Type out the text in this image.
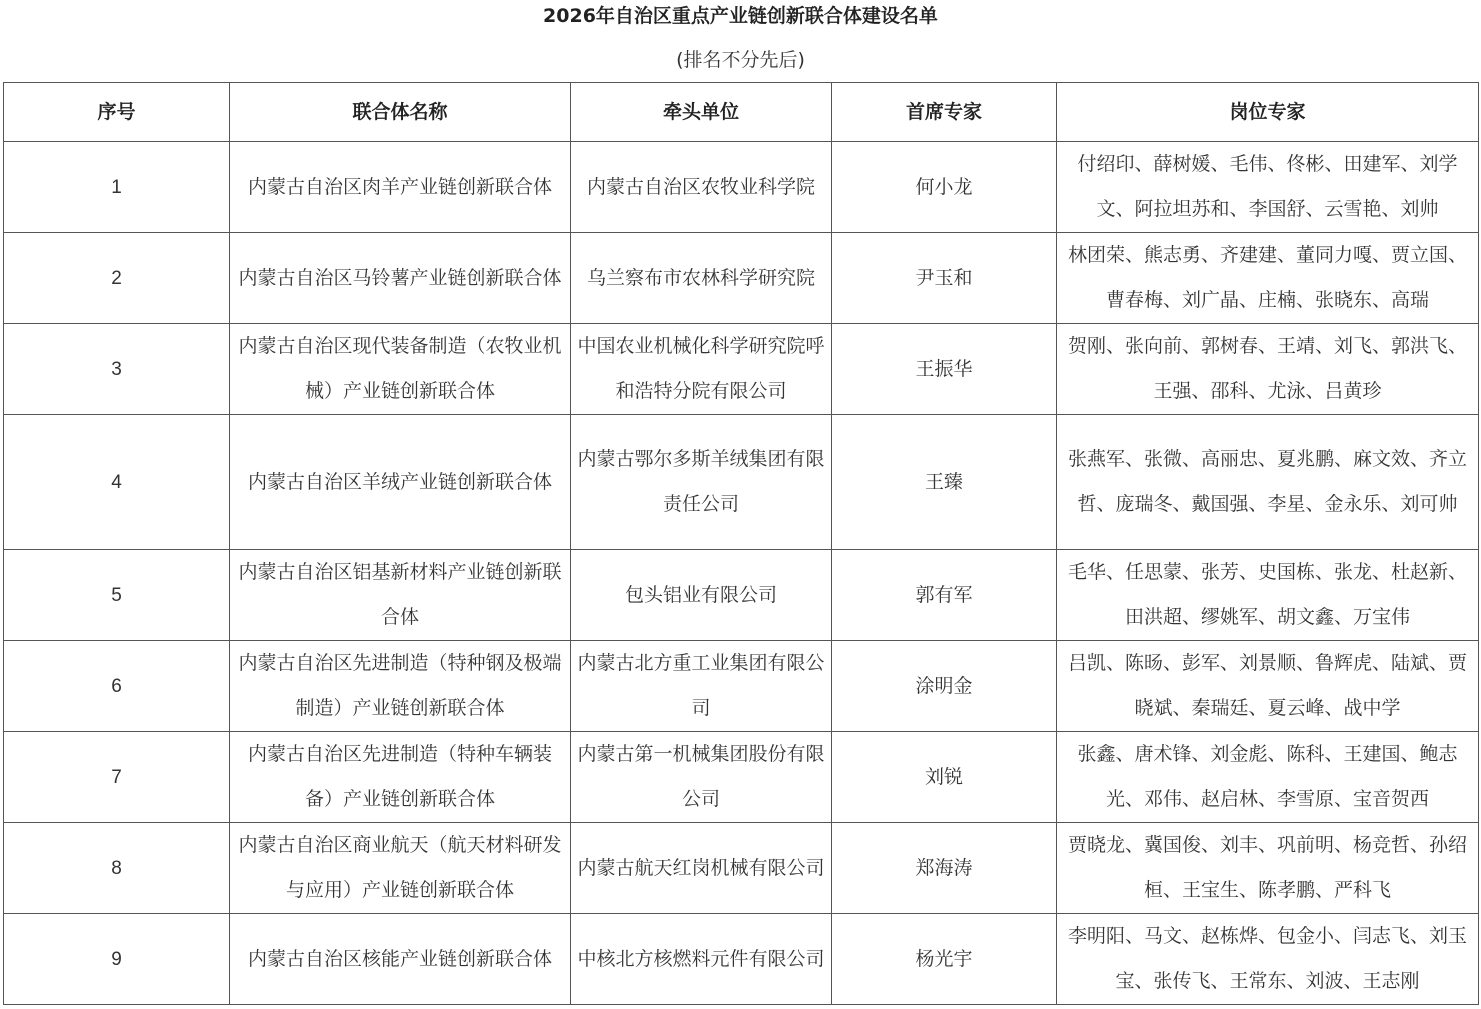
2026年自治区重点产业链创新联合体建设名单
(排名不分先后)
序号	联合体名称	牵头单位	首席专家	岗位专家
1	内蒙古自治区肉羊产业链创新联合体	内蒙古自治区农牧业科学院	何小龙	付绍印、薛树媛、毛伟、佟彬、田建军、刘学文、阿拉坦苏和、李国舒、云雪艳、刘帅
2	内蒙古自治区马铃薯产业链创新联合体	乌兰察布市农林科学研究院	尹玉和	林团荣、熊志勇、齐建建、董同力嘎、贾立国、曹春梅、刘广晶、庄楠、张晓东、高瑞
3	内蒙古自治区现代装备制造（农牧业机械）产业链创新联合体	中国农业机械化科学研究院呼和浩特分院有限公司	王振华	贺刚、张向前、郭树春、王靖、刘飞、郭洪飞、王强、邵科、尤泳、吕黄珍
4	内蒙古自治区羊绒产业链创新联合体	内蒙古鄂尔多斯羊绒集团有限责任公司	王臻	张燕军、张微、高丽忠、夏兆鹏、麻文效、齐立哲、庞瑞冬、戴国强、李星、金永乐、刘可帅
5	内蒙古自治区铝基新材料产业链创新联合体	包头铝业有限公司	郭有军	毛华、任思蒙、张芳、史国栋、张龙、杜赵新、田洪超、缪姚军、胡文鑫、万宝伟
6	内蒙古自治区先进制造（特种钢及极端制造）产业链创新联合体	内蒙古北方重工业集团有限公司	涂明金	吕凯、陈旸、彭军、刘景顺、鲁辉虎、陆斌、贾晓斌、秦瑞廷、夏云峰、战中学
7	内蒙古自治区先进制造（特种车辆装备）产业链创新联合体	内蒙古第一机械集团股份有限公司	刘锐	张鑫、唐术锋、刘金彪、陈科、王建国、鲍志光、邓伟、赵启林、李雪原、宝音贺西
8	内蒙古自治区商业航天（航天材料研发与应用）产业链创新联合体	内蒙古航天红岗机械有限公司	郑海涛	贾晓龙、冀国俊、刘丰、巩前明、杨竞哲、孙绍桓、王宝生、陈孝鹏、严科飞
9	内蒙古自治区核能产业链创新联合体	中核北方核燃料元件有限公司	杨光宇	李明阳、马文、赵栋烨、包金小、闫志飞、刘玉宝、张传飞、王常东、刘波、王志刚
